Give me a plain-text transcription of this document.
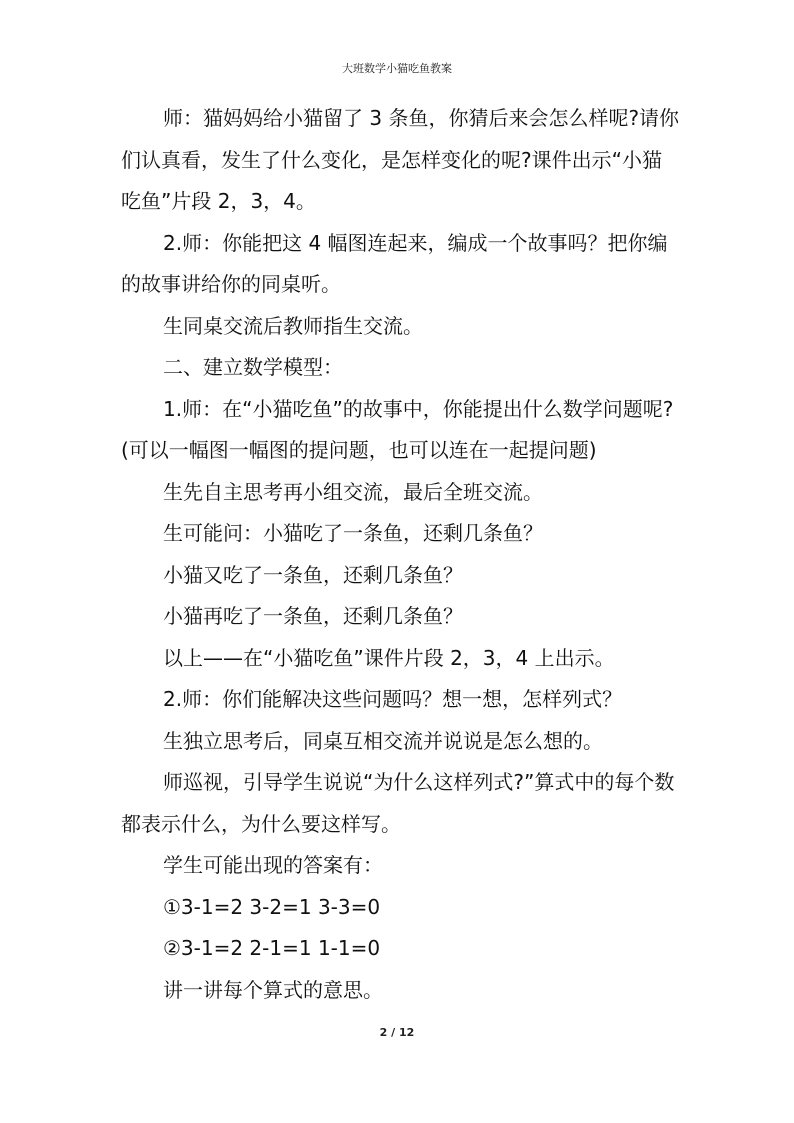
大班数学小猫吃鱼教案

师：猫妈妈给小猫留了 3 条鱼，你猜后来会怎么样呢?请你们认真看，发生了什么变化，是怎样变化的呢?课件出示“小猫吃鱼”片段 2，3，4。

2.师：你能把这 4 幅图连起来，编成一个故事吗？把你编的故事讲给你的同桌听。

生同桌交流后教师指生交流。

二、建立数学模型：

1.师：在“小猫吃鱼”的故事中，你能提出什么数学问题呢?(可以一幅图一幅图的提问题，也可以连在一起提问题)

生先自主思考再小组交流，最后全班交流。

生可能问：小猫吃了一条鱼，还剩几条鱼？

小猫又吃了一条鱼，还剩几条鱼？

小猫再吃了一条鱼，还剩几条鱼？

以上——在“小猫吃鱼”课件片段 2，3，4 上出示。

2.师：你们能解决这些问题吗？想一想，怎样列式？

生独立思考后，同桌互相交流并说说是怎么想的。

师巡视，引导学生说说“为什么这样列式?”算式中的每个数都表示什么，为什么要这样写。

学生可能出现的答案有：

①3-1=2 3-2=1 3-3=0

②3-1=2 2-1=1 1-1=0

讲一讲每个算式的意思。

2 / 12
